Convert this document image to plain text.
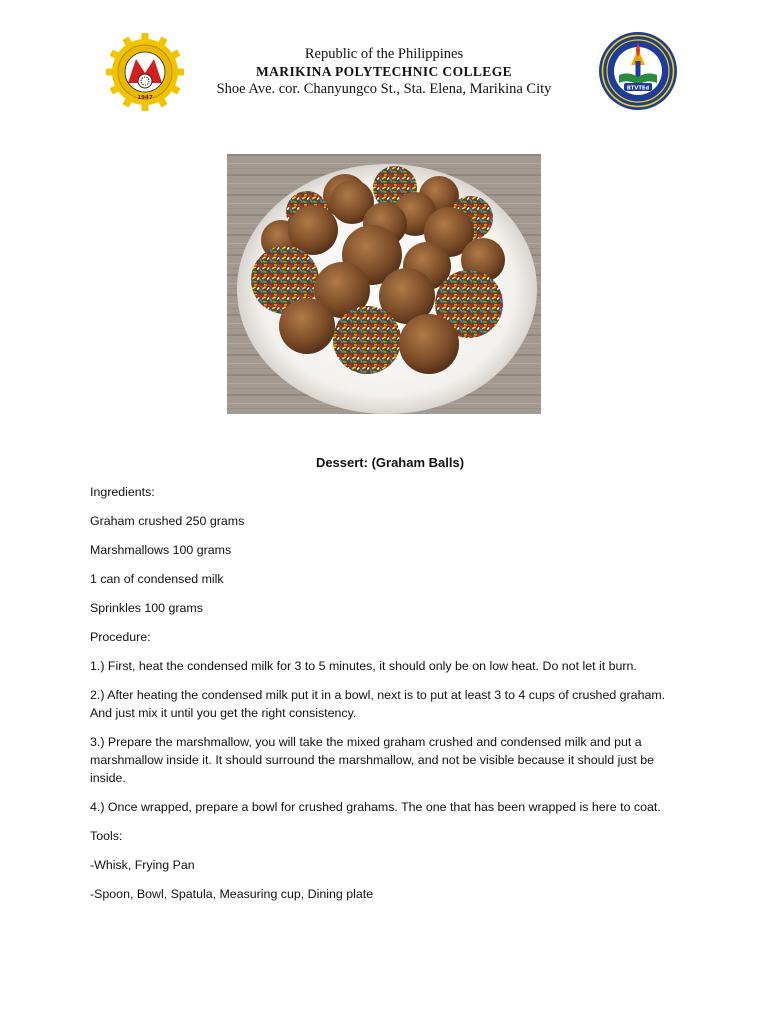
1947
Republic of the Philippines
MARIKINA POLYTECHNIC COLLEGE
Shoe Ave. cor. Chanyungco St., Sta. Elena, Marikina City	BTVTEd
Dessert: (Graham Balls)
Ingredients:
Graham crushed 250 grams
Marshmallows 100 grams
1 can of condensed milk
Sprinkles 100 grams
Procedure:
1.) First, heat the condensed milk for 3 to 5 minutes, it should only be on low heat. Do not let it burn.
2.) After heating the condensed milk put it in a bowl, next is to put at least 3 to 4 cups of crushed graham. And just mix it until you get the right consistency.
3.) Prepare the marshmallow, you will take the mixed graham crushed and condensed milk and put a marshmallow inside it. It should surround the marshmallow, and not be visible because it should just be inside.
4.) Once wrapped, prepare a bowl for crushed grahams. The one that has been wrapped is here to coat.
Tools:
-Whisk, Frying Pan
-Spoon, Bowl, Spatula, Measuring cup, Dining plate
